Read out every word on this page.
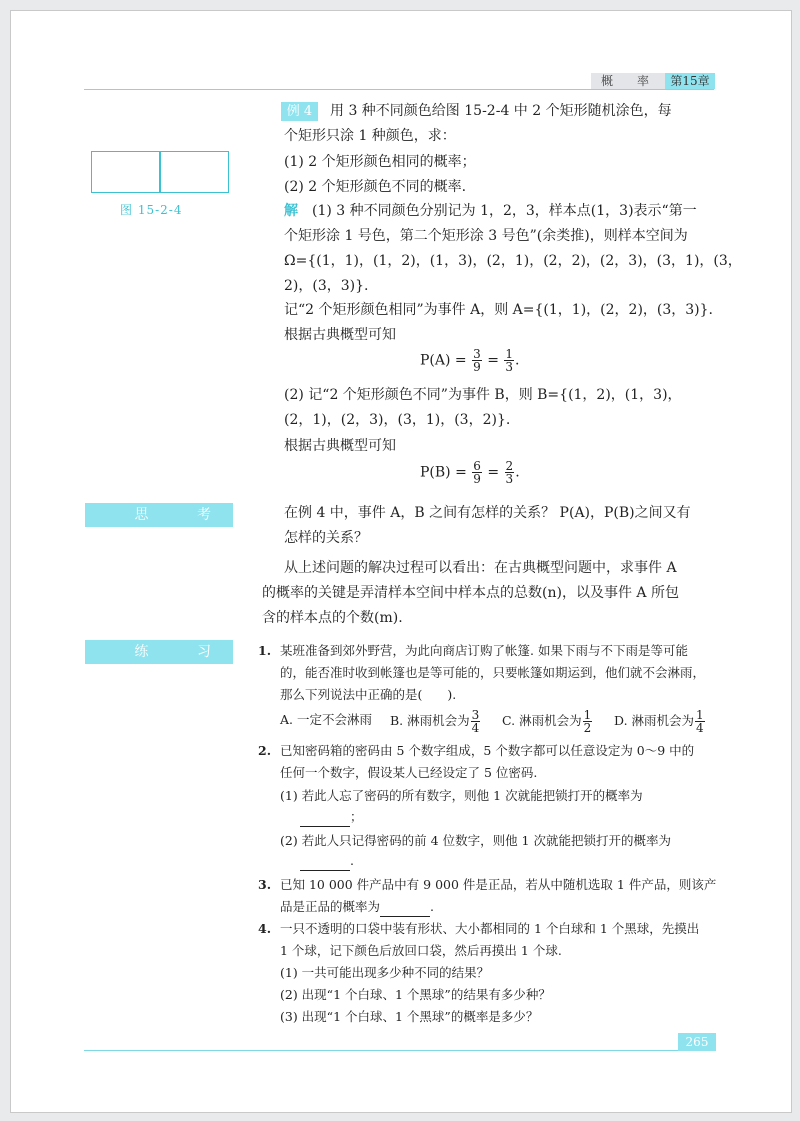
概　率	第15章
图 15-2-4
例 4	用 3 种不同颜色给图 15-2-4 中 2 个矩形随机涂色，每
个矩形只涂 1 种颜色，求：
(1) 2 个矩形颜色相同的概率；
(2) 2 个矩形颜色不同的概率.
解 (1) 3 种不同颜色分别记为 1，2，3，样本点(1，3)表示“第一
个矩形涂 1 号色，第二个矩形涂 3 号色”(余类推)，则样本空间为
Ω={(1，1)，(1，2)，(1，3)，(2，1)，(2，2)，(2，3)，(3，1)，(3，
2)，(3，3)}.
记“2 个矩形颜色相同”为事件 A，则 A={(1，1)，(2，2)，(3，3)}.
根据古典概型可知
$P(A) = \frac{3}{9} = \frac{1}{3}$ .
(2) 记“2 个矩形颜色不同”为事件 B，则 B={(1，2)，(1，3)，
(2，1)，(2，3)，(3，1)，(3，2)}.
根据古典概型可知
$P(B) = \frac{6}{9} = \frac{2}{3}$ .
思 考	在例 4 中，事件 A，B 之间有怎样的关系？ P(A)，P(B)之间又有
怎样的关系？
从上述问题的解决过程可以看出：在古典概型问题中，求事件 A
的概率的关键是弄清样本空间中样本点的总数(n)，以及事件 A 所包
含的样本点的个数(m).
练 习 1. 某班准备到郊外野营，为此向商店订购了帐篷. 如果下雨与不下雨是等可能
的，能否准时收到帐篷也是等可能的，只要帐篷如期运到，他们就不会淋雨，
那么下列说法中正确的是(　　).
A. 一定不会淋雨 B. 淋雨机会为 $\frac{3}{4} C$. 淋雨机会为 $\frac{1}{2} D$. 淋雨机会为 $\frac{1}{4}$
2. 已知密码箱的密码由 5 个数字组成，5 个数字都可以任意设定为 0～9 中的
任何一个数字，假设某人已经设定了 5 位密码.
(1) 若此人忘了密码的所有数字，则他 1 次就能把锁打开的概率为
；
(2) 若此人只记得密码的前 4 位数字，则他 1 次就能把锁打开的概率为
.
3. 已知 10 000 件产品中有 9 000 件是正品，若从中随机选取 1 件产品，则该产
品是正品的概率为	.
4. 一只不透明的口袋中装有形状、大小都相同的 1 个白球和 1 个黑球，先摸出
1 个球，记下颜色后放回口袋，然后再摸出 1 个球.
(1) 一共可能出现多少种不同的结果？
(2) 出现“1 个白球、1 个黑球”的结果有多少种？
(3) 出现“1 个白球、1 个黑球”的概率是多少？
265
